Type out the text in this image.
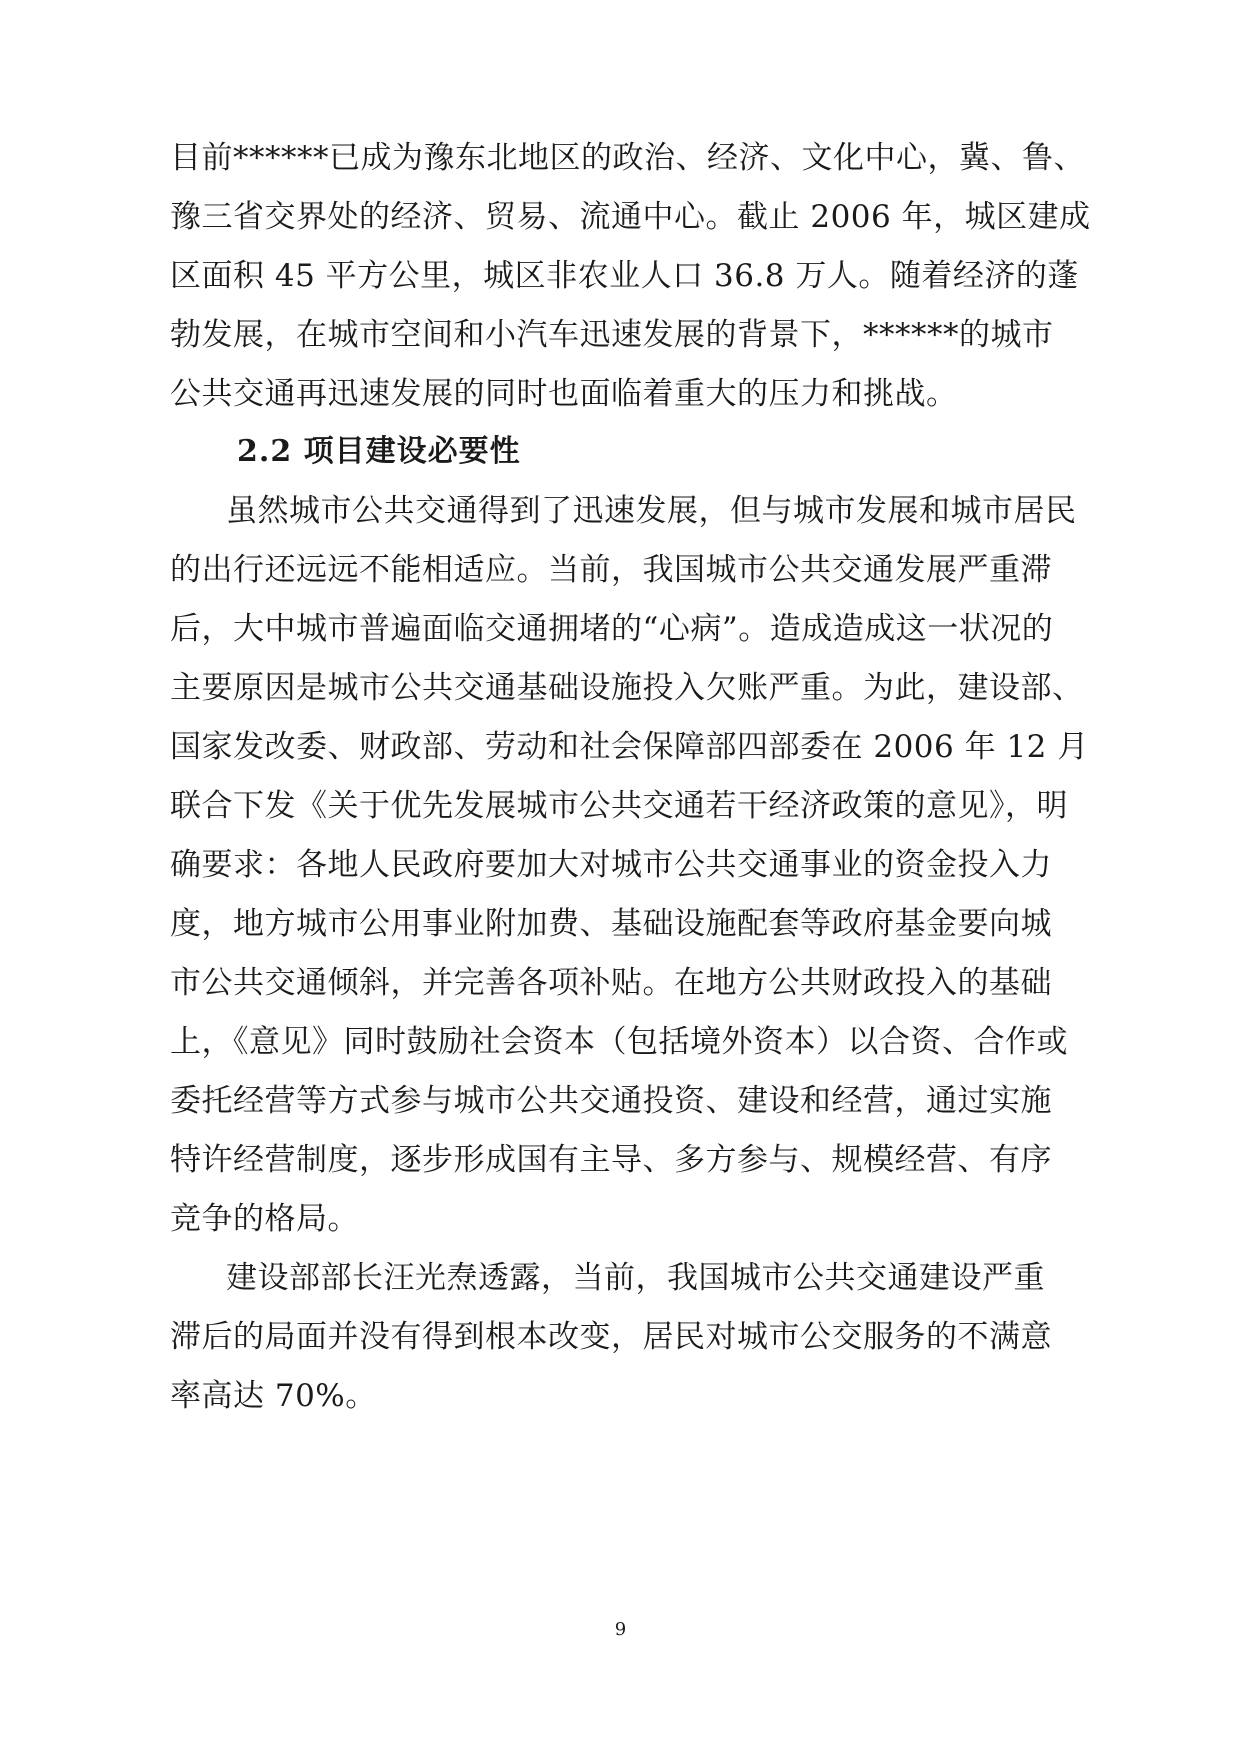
目前******已成为豫东北地区的政治、经济、文化中心，冀、鲁、
豫三省交界处的经济、贸易、流通中心。截止 2006 年，城区建成
区面积 45 平方公里，城区非农业人口 36.8 万人。随着经济的蓬
勃发展，在城市空间和小汽车迅速发展的背景下，******的城市
公共交通再迅速发展的同时也面临着重大的压力和挑战。
2.2 项目建设必要性
虽然城市公共交通得到了迅速发展，但与城市发展和城市居民
的出行还远远不能相适应。当前，我国城市公共交通发展严重滞
后，大中城市普遍面临交通拥堵的“心病”。造成造成这一状况的
主要原因是城市公共交通基础设施投入欠账严重。为此，建设部、
国家发改委、财政部、劳动和社会保障部四部委在 2006 年 12 月
联合下发《关于优先发展城市公共交通若干经济政策的意见》，明
确要求：各地人民政府要加大对城市公共交通事业的资金投入力
度，地方城市公用事业附加费、基础设施配套等政府基金要向城
市公共交通倾斜，并完善各项补贴。在地方公共财政投入的基础
上，《意见》同时鼓励社会资本（包括境外资本）以合资、合作或
委托经营等方式参与城市公共交通投资、建设和经营，通过实施
特许经营制度，逐步形成国有主导、多方参与、规模经营、有序
竞争的格局。
建设部部长汪光焘透露，当前，我国城市公共交通建设严重
滞后的局面并没有得到根本改变，居民对城市公交服务的不满意
率高达 70%。
9
